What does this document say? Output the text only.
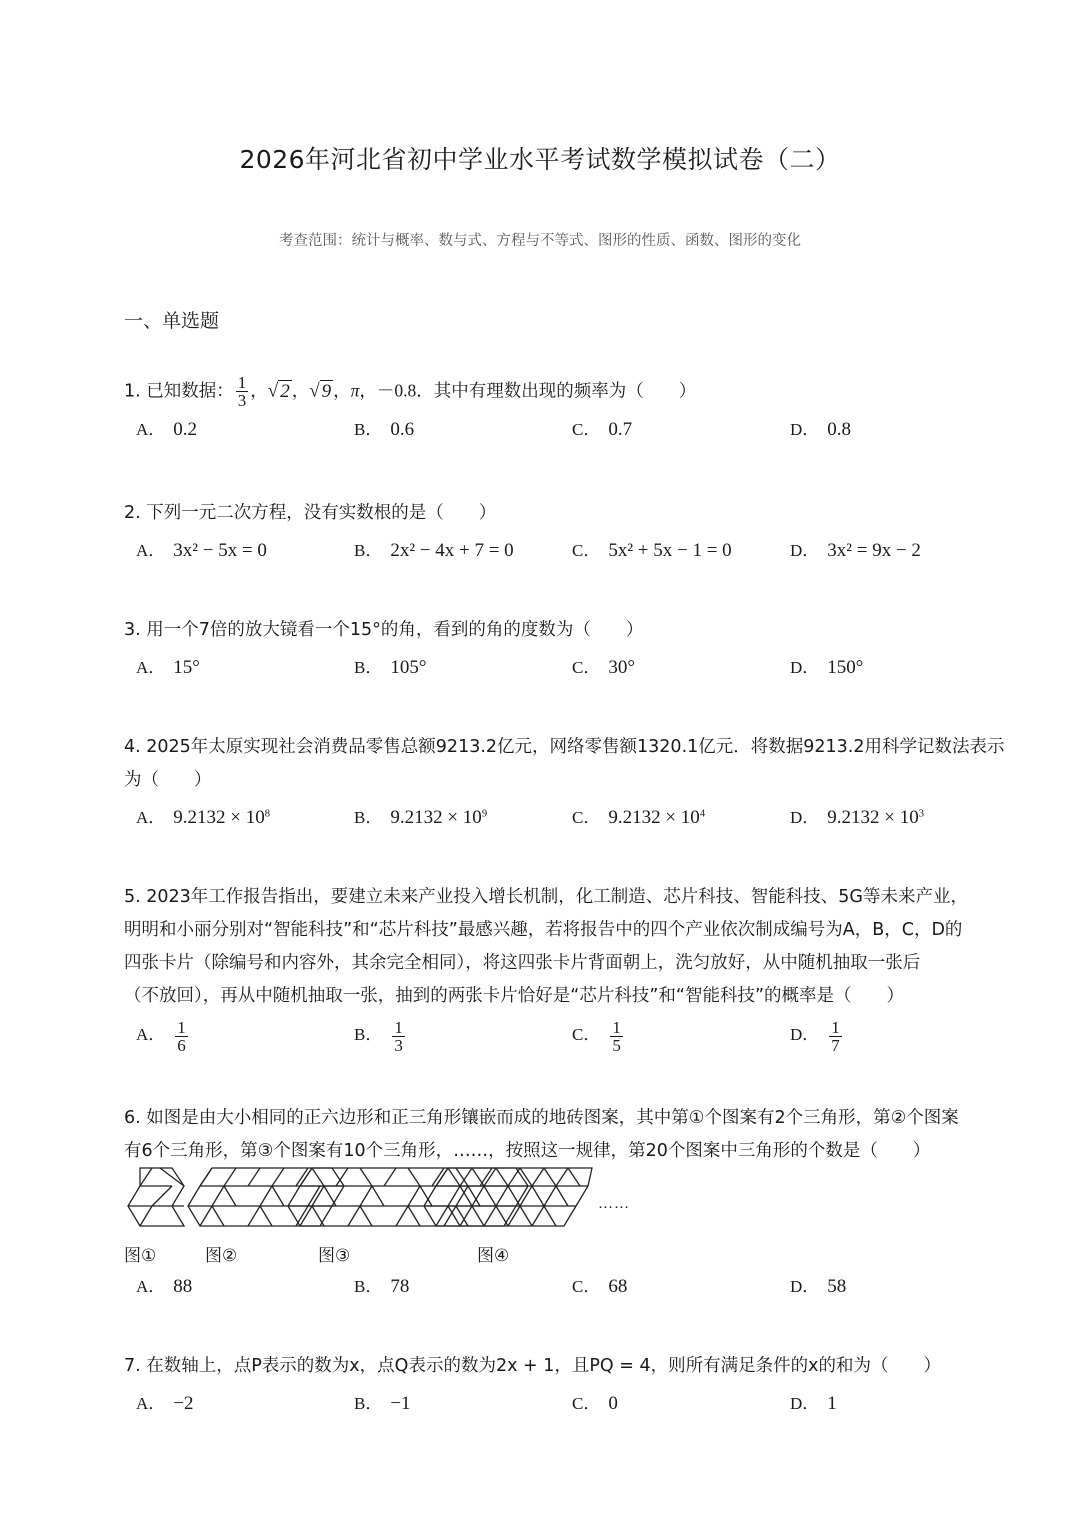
2026年河北省初中学业水平考试数学模拟试卷（二）
考查范围：统计与概率、数与式、方程与不等式、图形的性质、函数、图形的变化
一、单选题
1. 已知数据： $\frac{1}{3}$ ，√ 2 ，√ 9 ，π，－0.8．其中有理数出现的频率为（　　）
A． 0.2	B． 0.6	C． 0.7	D． 0.8
2. 下列一元二次方程，没有实数根的是（　　）
A． 3x² − 5x = 0	B． 2x² − 4x + 7 = 0	C． 5x² + 5x − 1 = 0	D． 3x² = 9x − 2
3. 用一个7倍的放大镜看一个15°的角，看到的角的度数为（　　）
A． 15°	B． 105°	C． 30°	D． 150°
4. 2025年太原实现社会消费品零售总额9213.2亿元，网络零售额1320.1亿元．将数据9213.2用科学记数法表示
为（　　）
A． $9.2132 \times 10^8$	B． $9.2132 \times 10^9$	C． $9.2132 \times 10^4$	D． $9.2132 \times 10^3$
5. 2023年工作报告指出，要建立未来产业投入增长机制，化工制造、芯片科技、智能科技、5G等未来产业，
明明和小丽分别对“智能科技”和“芯片科技”最感兴趣，若将报告中的四个产业依次制成编号为A，B，C，D的
四张卡片（除编号和内容外，其余完全相同），将这四张卡片背面朝上，洗匀放好，从中随机抽取一张后
（不放回），再从中随机抽取一张，抽到的两张卡片恰好是“芯片科技”和“智能科技”的概率是（　　）
A． $\frac{1}{6}$	B． $\frac{1}{3}$	C． $\frac{1}{5}$	D． $\frac{1}{7}$
6. 如图是由大小相同的正六边形和正三角形镶嵌而成的地砖图案，其中第①个图案有2个三角形，第②个图案
有6个三角形，第③个图案有10个三角形，……，按照这一规律，第20个图案中三角形的个数是（　　）
……
图①	图②	图③	图④
A． 88	B． 78	C． 68	D． 58
7. 在数轴上，点P表示的数为x，点Q表示的数为2x + 1，且PQ = 4，则所有满足条件的x的和为（　　）
A． −2	B． −1	C． 0	D． 1
